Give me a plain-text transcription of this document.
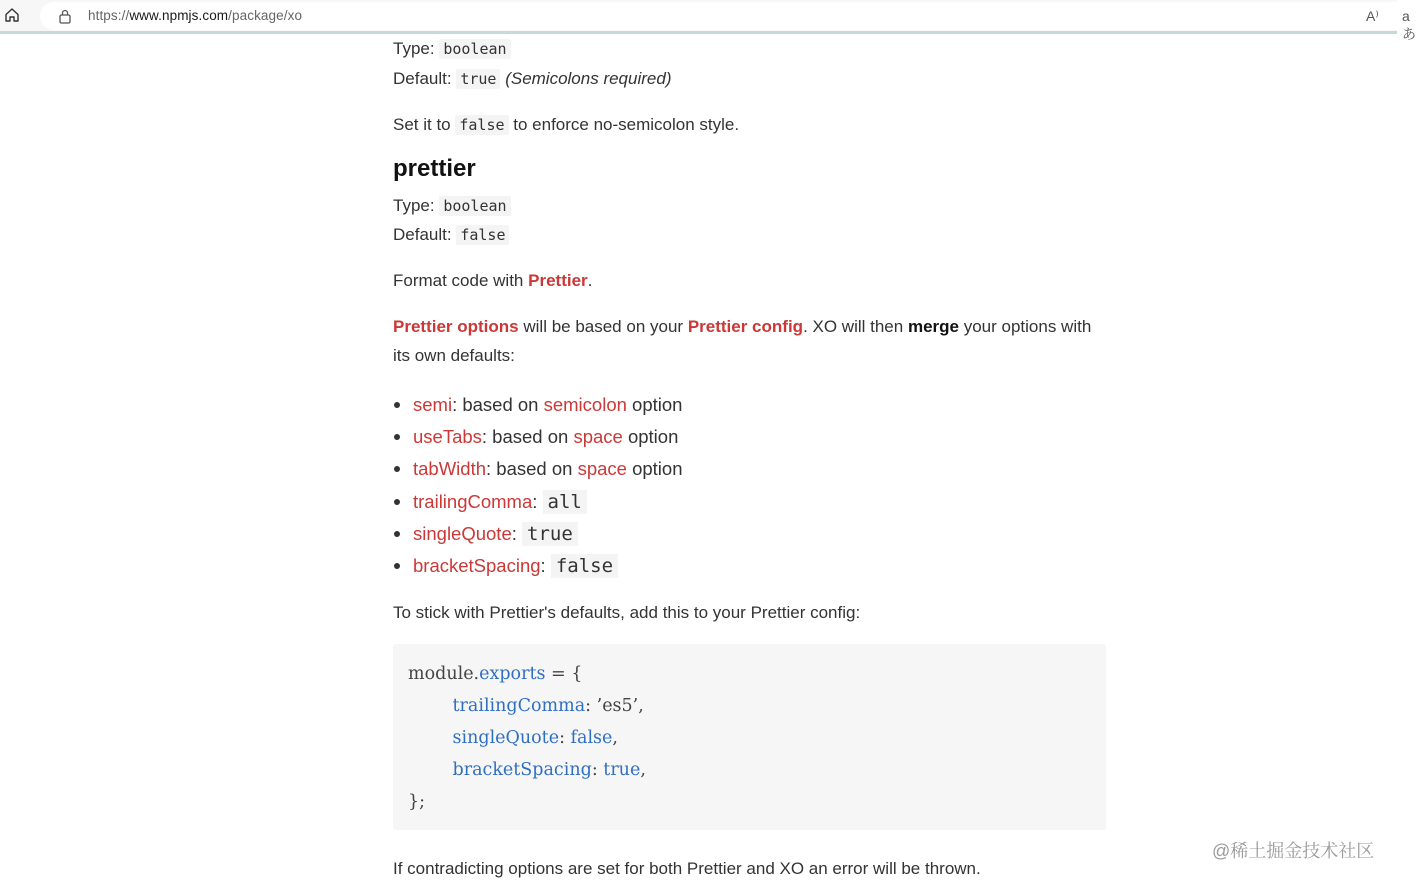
https://www.npmjs.com/package/xo	A⁾	aあ
Type: boolean
Default: true (Semicolons required)
Set it to false to enforce no-semicolon style.
prettier
Type: boolean
Default: false
Format code with Prettier.
Prettier options will be based on your Prettier config. XO will then merge your options with
its own defaults:
semi: based on semicolon option
useTabs: based on space option
tabWidth: based on space option
trailingComma: all
singleQuote: true
bracketSpacing: false
To stick with Prettier's defaults, add this to your Prettier config:
module.exports = {
trailingComma: ’es5’,
singleQuote: false,
bracketSpacing: true,
};
If contradicting options are set for both Prettier and XO an error will be thrown.
@稀土掘金技术社区
